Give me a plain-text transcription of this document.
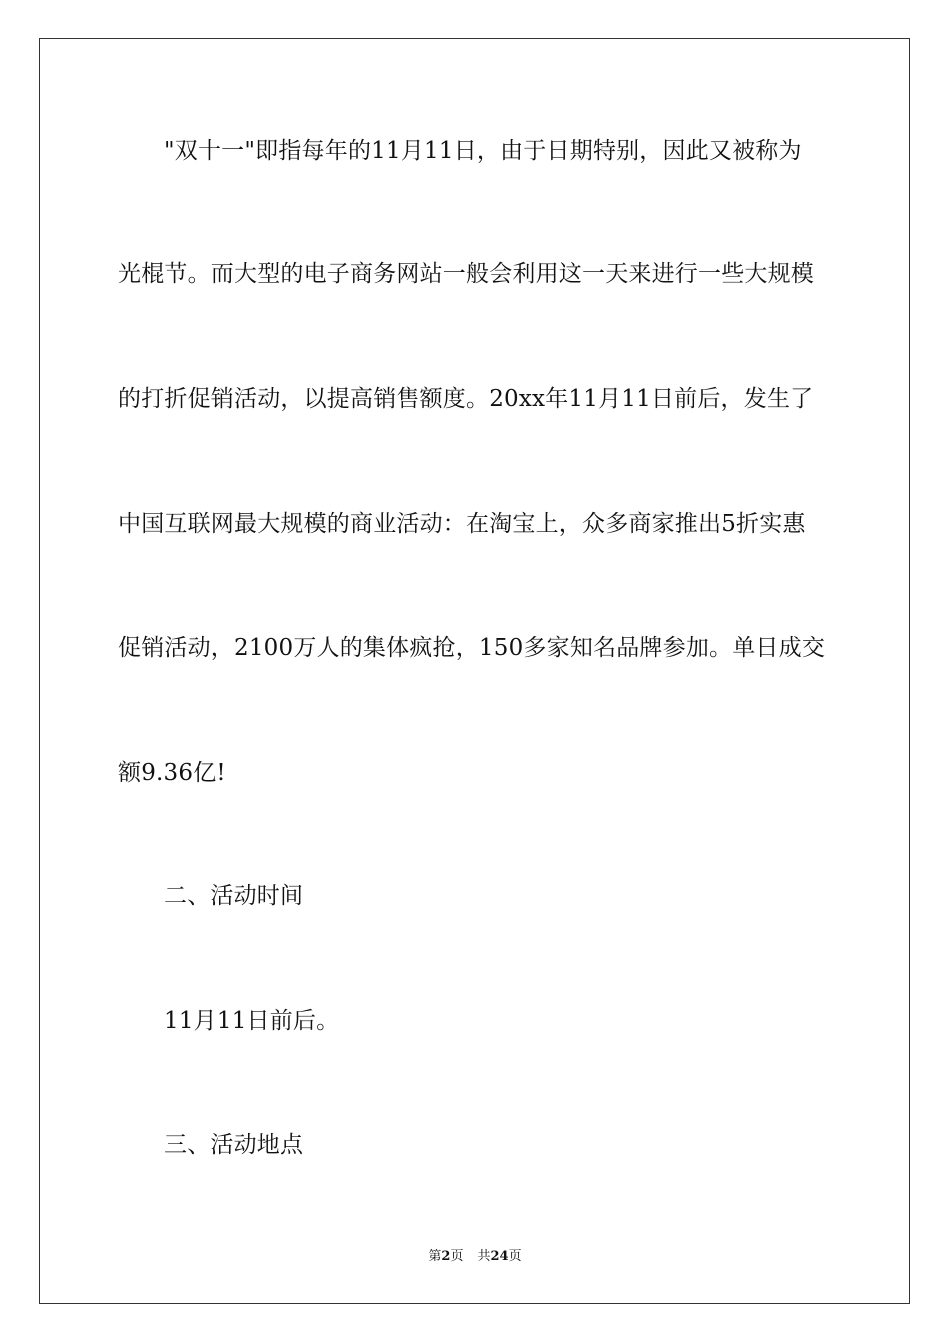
"双十一"即指每年的11月11日，由于日期特别，因此又被称为
光棍节。而大型的电子商务网站一般会利用这一天来进行一些大规模
的打折促销活动，以提高销售额度。20xx年11月11日前后，发生了
中国互联网最大规模的商业活动：在淘宝上，众多商家推出5折实惠
促销活动，2100万人的集体疯抢，150多家知名品牌参加。单日成交
额9.36亿!
二、活动时间
11月11日前后。
三、活动地点
第2页 共24页
